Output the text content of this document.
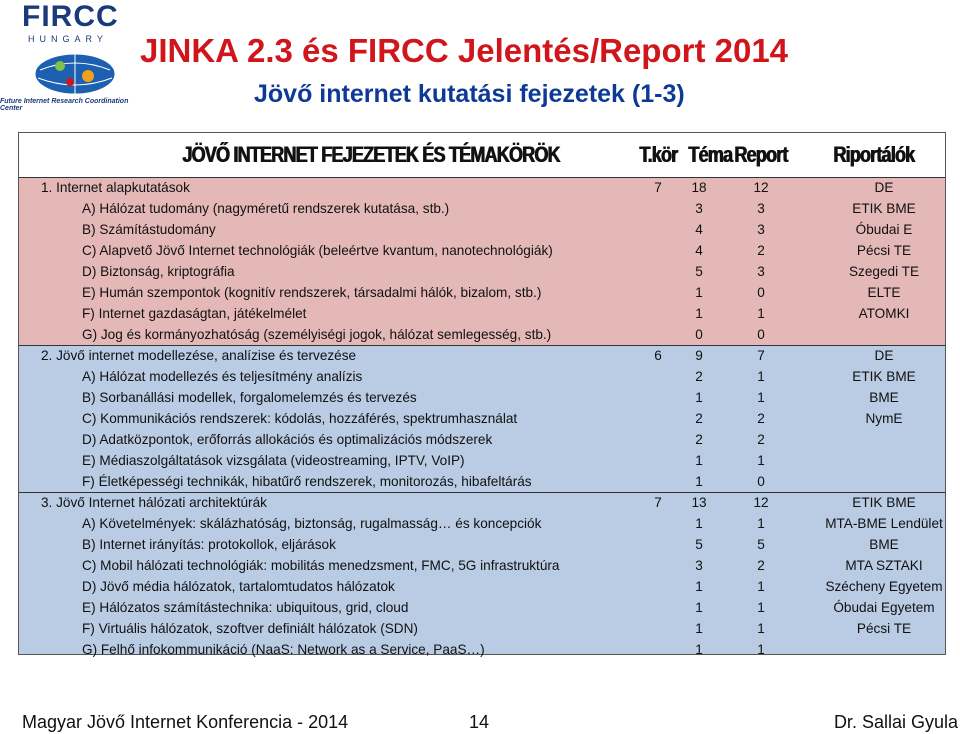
FIRCC
HUNGARY
Future Internet Research Coordination Center
JINKA 2.3 és FIRCC Jelentés/Report 2014
Jövő internet kutatási fejezetek (1-3)
JÖVŐ INTERNET FEJEZETEK ÉS TÉMAKÖRÖK	T.kör Téma Report Riportálók
1. Internet alapkutatások	7	18	12	DE
A) Hálózat tudomány (nagyméretű rendszerek kutatása, stb.)	3	3	ETIK BME
B) Számítástudomány	4	3	Óbudai E
C) Alapvető Jövő Internet technológiák (beleértve kvantum, nanotechnológiák)	4	2	Pécsi TE
D) Biztonság, kriptográfia	5	3	Szegedi TE
E) Humán szempontok (kognitív rendszerek, társadalmi hálók, bizalom, stb.)	1	0	ELTE
F) Internet gazdaságtan, játékelmélet	1	1	ATOMKI
G) Jog és kormányozhatóság (személyiségi jogok, hálózat semlegesség, stb.)	0	0
2. Jövő internet modellezése, analízise és tervezése	6	9	7	DE
A) Hálózat modellezés és teljesítmény analízis	2	1	ETIK BME
B) Sorbanállási modellek, forgalomelemzés és tervezés	1	1	BME
C) Kommunikációs rendszerek: kódolás, hozzáférés, spektrumhasználat	2	2	NymE
D) Adatközpontok, erőforrás allokációs és optimalizációs módszerek	2	2
E) Médiaszolgáltatások vizsgálata (videostreaming, IPTV, VoIP)	1	1
F) Életképességi technikák, hibatűrő rendszerek, monitorozás, hibafeltárás	1	0
3. Jövő Internet hálózati architektúrák	7	13	12	ETIK BME
A) Követelmények: skálázhatóság, biztonság, rugalmasság… és koncepciók	1	1	MTA-BME Lendület
B) Internet irányítás: protokollok, eljárások	5	5	BME
C) Mobil hálózati technológiák: mobilitás menedzsment, FMC, 5G infrastruktúra	3	2	MTA SZTAKI
D) Jövő média hálózatok, tartalomtudatos hálózatok	1	1	Szécheny Egyetem
E) Hálózatos számítástechnika: ubiquitous, grid, cloud	1	1	Óbudai Egyetem
F) Virtuális hálózatok, szoftver definiált hálózatok (SDN)	1	1	Pécsi TE
G) Felhő infokommunikáció (NaaS: Network as a Service, PaaS…)	1	1
Magyar Jövő Internet Konferencia - 2014	14	Dr. Sallai Gyula
